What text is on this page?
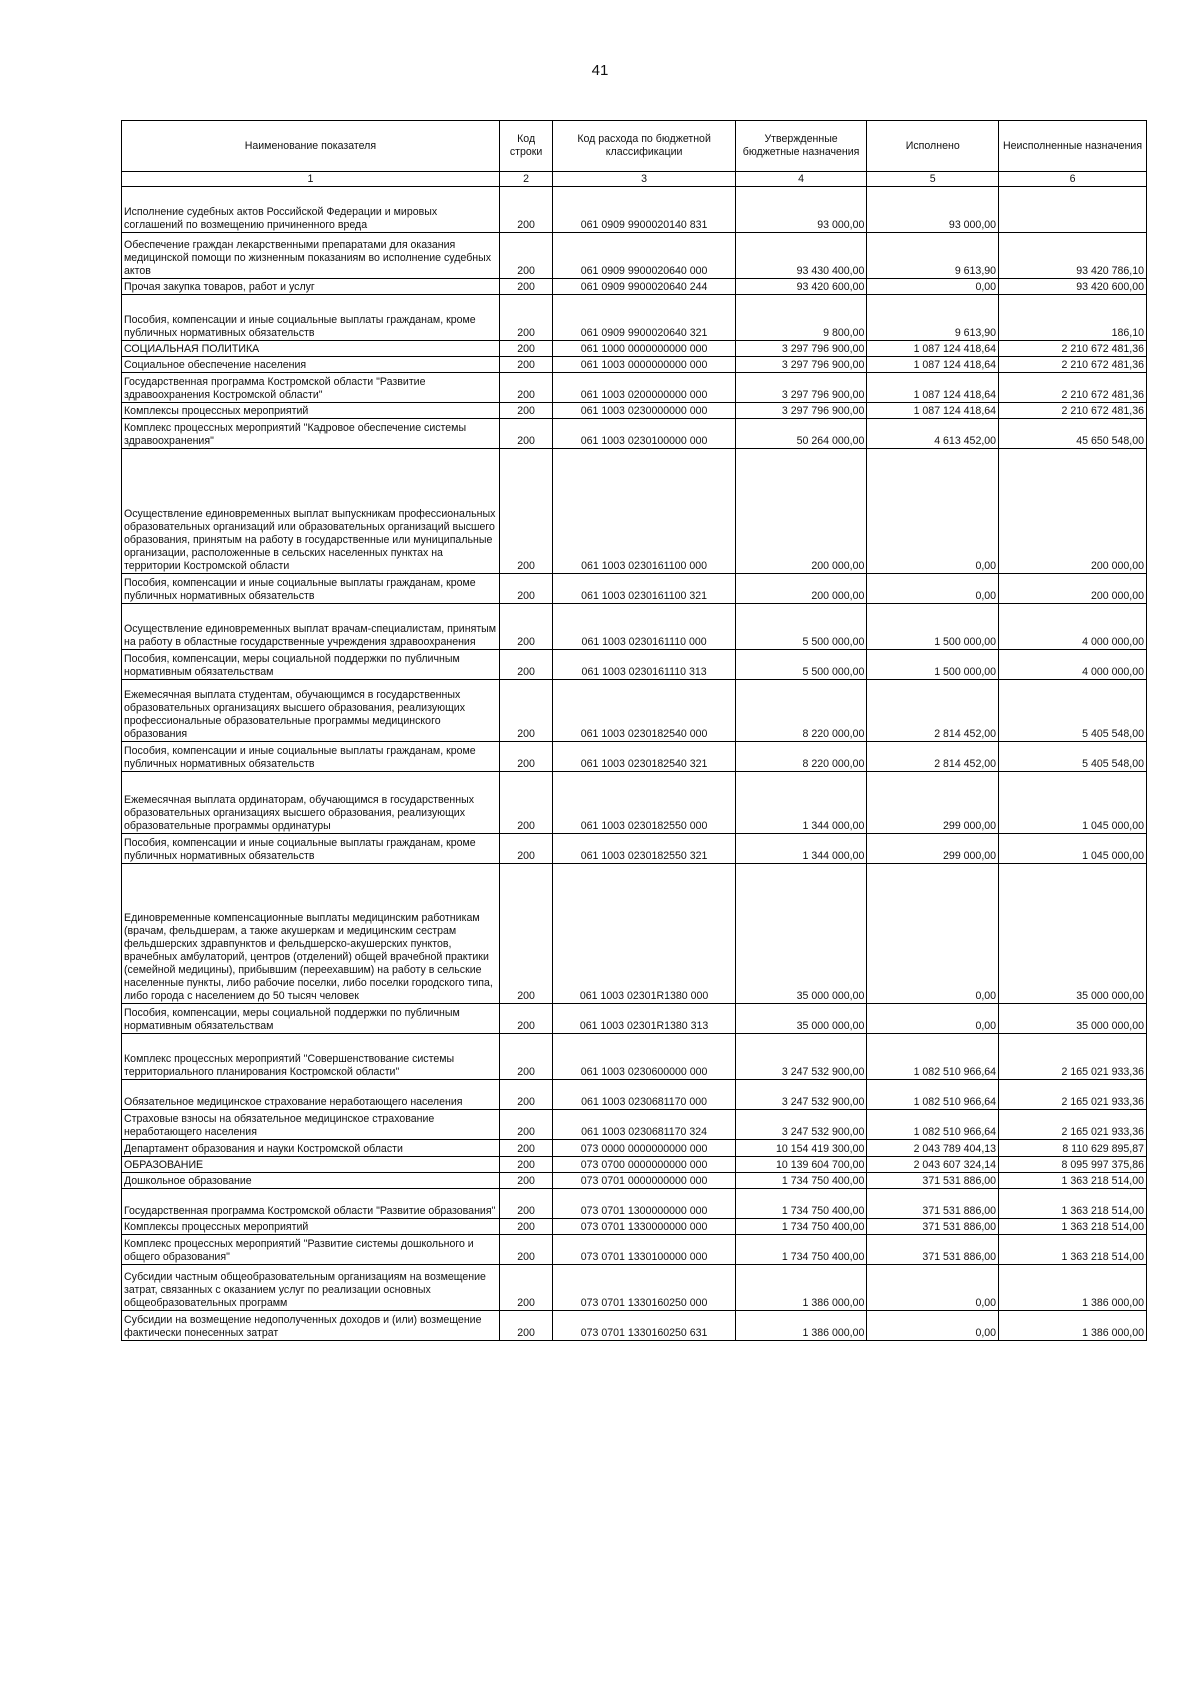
41
Наименование показателя	Код строки	Код расхода по бюджетной классификации	Утвержденные бюджетные назначения	Исполнено	Неисполненные назначения
1	2	3	4	5	6
Исполнение судебных актов Российской Федерации и мировых соглашений по возмещению причиненного вреда	200	061 0909 9900020140 831	93 000,00	93 000,00	
Обеспечение граждан лекарственными препаратами для оказания медицинской помощи по жизненным показаниям во исполнение судебных актов	200	061 0909 9900020640 000	93 430 400,00	9 613,90	93 420 786,10
Прочая закупка товаров, работ и услуг	200	061 0909 9900020640 244	93 420 600,00	0,00	93 420 600,00
Пособия, компенсации и иные социальные выплаты гражданам, кроме публичных нормативных обязательств	200	061 0909 9900020640 321	9 800,00	9 613,90	186,10
СОЦИАЛЬНАЯ ПОЛИТИКА	200	061 1000 0000000000 000	3 297 796 900,00	1 087 124 418,64	2 210 672 481,36
Социальное обеспечение населения	200	061 1003 0000000000 000	3 297 796 900,00	1 087 124 418,64	2 210 672 481,36
Государственная программа Костромской области "Развитие здравоохранения Костромской области"	200	061 1003 0200000000 000	3 297 796 900,00	1 087 124 418,64	2 210 672 481,36
Комплексы процессных мероприятий	200	061 1003 0230000000 000	3 297 796 900,00	1 087 124 418,64	2 210 672 481,36
Комплекс процессных мероприятий "Кадровое обеспечение системы здравоохранения"	200	061 1003 0230100000 000	50 264 000,00	4 613 452,00	45 650 548,00
Осуществление единовременных выплат выпускникам профессиональных образовательных организаций или образовательных организаций высшего образования, принятым на работу в государственные или муниципальные организации, расположенные в сельских населенных пунктах на территории Костромской области	200	061 1003 0230161100 000	200 000,00	0,00	200 000,00
Пособия, компенсации и иные социальные выплаты гражданам, кроме публичных нормативных обязательств	200	061 1003 0230161100 321	200 000,00	0,00	200 000,00
Осуществление единовременных выплат врачам-специалистам, принятым на работу в областные государственные учреждения здравоохранения	200	061 1003 0230161110 000	5 500 000,00	1 500 000,00	4 000 000,00
Пособия, компенсации, меры социальной поддержки по публичным нормативным обязательствам	200	061 1003 0230161110 313	5 500 000,00	1 500 000,00	4 000 000,00
Ежемесячная выплата студентам, обучающимся в государственных образовательных организациях высшего образования, реализующих профессиональные образовательные программы медицинского образования	200	061 1003 0230182540 000	8 220 000,00	2 814 452,00	5 405 548,00
Пособия, компенсации и иные социальные выплаты гражданам, кроме публичных нормативных обязательств	200	061 1003 0230182540 321	8 220 000,00	2 814 452,00	5 405 548,00
Ежемесячная выплата ординаторам, обучающимся в государственных образовательных организациях высшего образования, реализующих образовательные программы ординатуры	200	061 1003 0230182550 000	1 344 000,00	299 000,00	1 045 000,00
Пособия, компенсации и иные социальные выплаты гражданам, кроме публичных нормативных обязательств	200	061 1003 0230182550 321	1 344 000,00	299 000,00	1 045 000,00
Единовременные компенсационные выплаты медицинским работникам (врачам, фельдшерам, а также акушеркам и медицинским сестрам фельдшерских здравпунктов и фельдшерско-акушерских пунктов, врачебных амбулаторий, центров (отделений) общей врачебной практики (семейной медицины), прибывшим (переехавшим) на работу в сельские населенные пункты, либо рабочие поселки, либо поселки городского типа, либо города с населением до 50 тысяч человек	200	061 1003 02301R1380 000	35 000 000,00	0,00	35 000 000,00
Пособия, компенсации, меры социальной поддержки по публичным нормативным обязательствам	200	061 1003 02301R1380 313	35 000 000,00	0,00	35 000 000,00
Комплекс процессных мероприятий "Совершенствование системы территориального планирования Костромской области"	200	061 1003 0230600000 000	3 247 532 900,00	1 082 510 966,64	2 165 021 933,36
Обязательное медицинское страхование неработающего населения	200	061 1003 0230681170 000	3 247 532 900,00	1 082 510 966,64	2 165 021 933,36
Страховые взносы на обязательное медицинское страхование неработающего населения	200	061 1003 0230681170 324	3 247 532 900,00	1 082 510 966,64	2 165 021 933,36
Департамент образования и науки Костромской области	200	073 0000 0000000000 000	10 154 419 300,00	2 043 789 404,13	8 110 629 895,87
ОБРАЗОВАНИЕ	200	073 0700 0000000000 000	10 139 604 700,00	2 043 607 324,14	8 095 997 375,86
Дошкольное образование	200	073 0701 0000000000 000	1 734 750 400,00	371 531 886,00	1 363 218 514,00
Государственная программа Костромской области "Развитие образования"	200	073 0701 1300000000 000	1 734 750 400,00	371 531 886,00	1 363 218 514,00
Комплексы процессных мероприятий	200	073 0701 1330000000 000	1 734 750 400,00	371 531 886,00	1 363 218 514,00
Комплекс процессных мероприятий "Развитие системы дошкольного и общего образования"	200	073 0701 1330100000 000	1 734 750 400,00	371 531 886,00	1 363 218 514,00
Субсидии частным общеобразовательным организациям на возмещение затрат, связанных с оказанием услуг по реализации основных общеобразовательных программ	200	073 0701 1330160250 000	1 386 000,00	0,00	1 386 000,00
Субсидии на возмещение недополученных доходов и (или) возмещение фактически понесенных затрат	200	073 0701 1330160250 631	1 386 000,00	0,00	1 386 000,00
